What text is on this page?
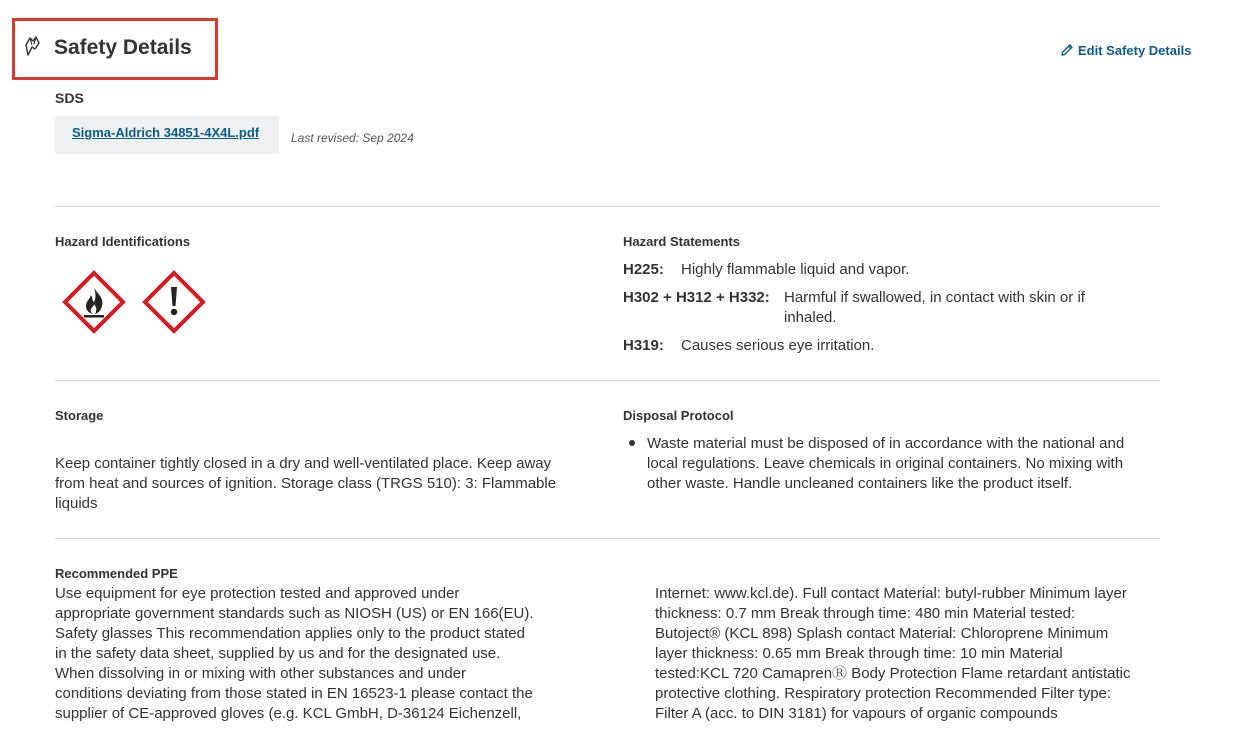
Safety Details	Edit Safety Details
SDS
Sigma-Aldrich 34851-4X4L.pdf	Last revised: Sep 2024
Hazard Identifications	Hazard Statements
H225: Highly flammable liquid and vapor.
H302 + H312 + H332: Harmful if swallowed, in contact with skin or if
inhaled.
H319: Causes serious eye irritation.
Storage
Keep container tightly closed in a dry and well-ventilated place. Keep away
from heat and sources of ignition. Storage class (TRGS 510): 3: Flammable
liquids
Disposal Protocol
Waste material must be disposed of in accordance with the national and
local regulations. Leave chemicals in original containers. No mixing with
other waste. Handle uncleaned containers like the product itself.
Recommended PPE
Use equipment for eye protection tested and approved under
appropriate government standards such as NIOSH (US) or EN 166(EU).
Safety glasses This recommendation applies only to the product stated
in the safety data sheet, supplied by us and for the designated use.
When dissolving in or mixing with other substances and under
conditions deviating from those stated in EN 16523-1 please contact the
supplier of CE-approved gloves (e.g. KCL GmbH, D-36124 Eichenzell,
Internet: www.kcl.de). Full contact Material: butyl-rubber Minimum layer
thickness: 0.7 mm Break through time: 480 min Material tested:
Butoject® (KCL 898) Splash contact Material: Chloroprene Minimum
layer thickness: 0.65 mm Break through time: 10 min Material
tested:KCL 720 CamaprenⓇ Body Protection Flame retardant antistatic
protective clothing. Respiratory protection Recommended Filter type:
Filter A (acc. to DIN 3181) for vapours of organic compounds
